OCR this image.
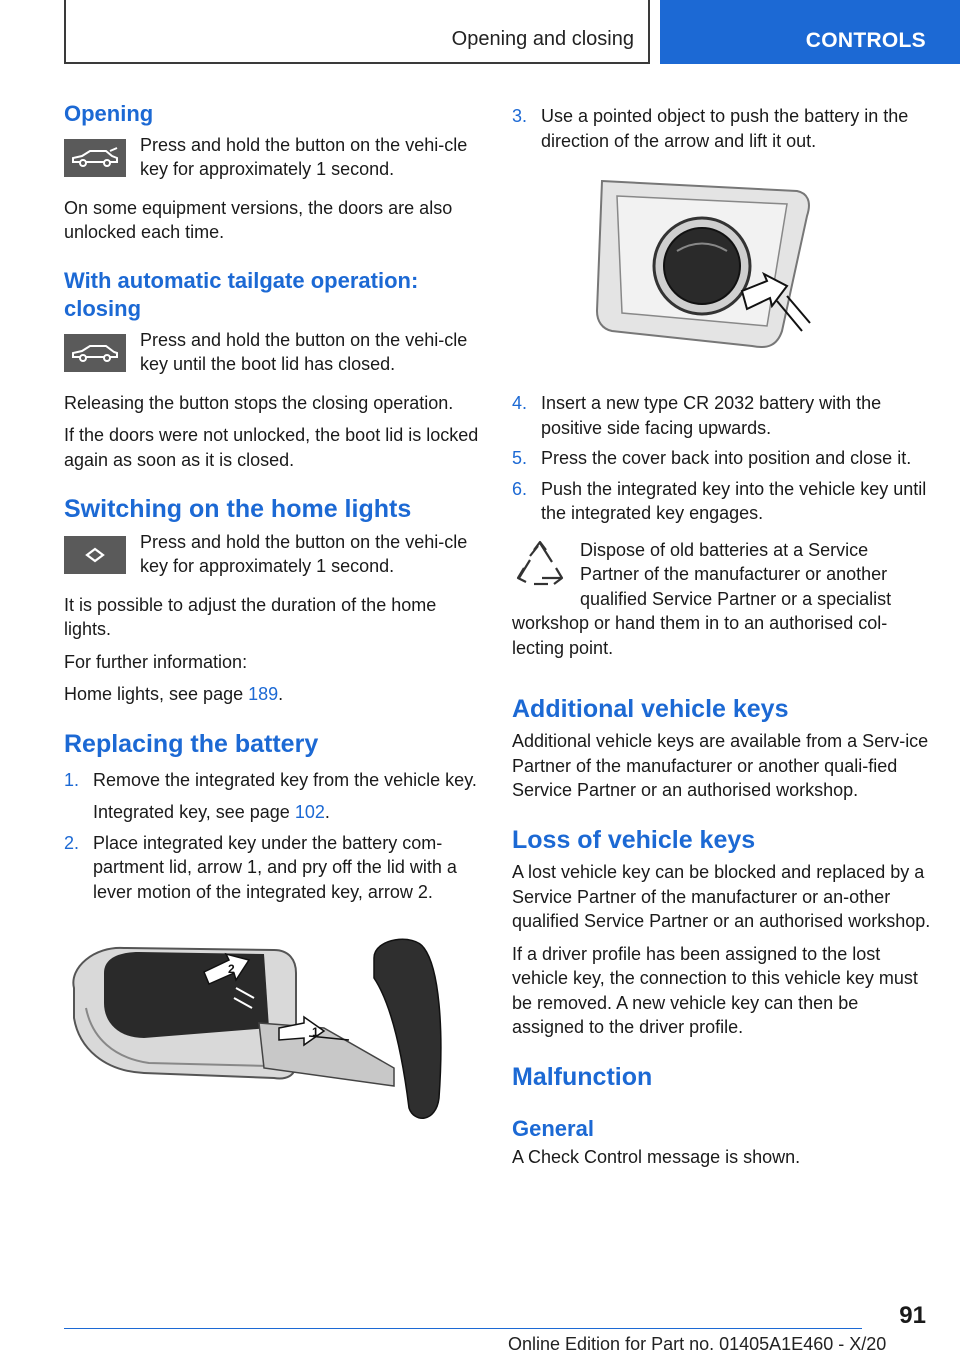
Opening and closing	CONTROLS
Opening

Press and hold the button on the vehi-cle key for approximately 1 second.

On some equipment versions, the doors are also unlocked each time.

With automatic tailgate operation: closing

Press and hold the button on the vehi-cle key until the boot lid has closed.

Releasing the button stops the closing operation.

If the doors were not unlocked, the boot lid is locked again as soon as it is closed.

Switching on the home lights

Press and hold the button on the vehi-cle key for approximately 1 second.

It is possible to adjust the duration of the home lights.

For further information:

Home lights, see page 189.

Replacing the battery
1. Remove the integrated key from the vehicle key.

Integrated key, see page 102.

2. Place integrated key under the battery com-partment lid, arrow 1, and pry off the lid with a lever motion of the integrated key, arrow 2.

1
2
3. Use a pointed object to push the battery in the direction of the arrow and lift it out.

4. Insert a new type CR 2032 battery with the positive side facing upwards.

5. Press the cover back into position and close it.

6. Push the integrated key into the vehicle key until the integrated key engages.

Dispose of old batteries at a Service Partner of the manufacturer or another qualified Service Partner or a specialist workshop or hand them in to an authorised col-lecting point.

Additional vehicle keys

Additional vehicle keys are available from a Serv-ice Partner of the manufacturer or another quali-fied Service Partner or an authorised workshop.

Loss of vehicle keys

A lost vehicle key can be blocked and replaced by a Service Partner of the manufacturer or an-other qualified Service Partner or an authorised workshop.

If a driver profile has been assigned to the lost vehicle key, the connection to this vehicle key must be removed. A new vehicle key can then be assigned to the driver profile.

Malfunction
General

A Check Control message is shown.

91
Online Edition for Part no. 01405A1E460 - X/20
